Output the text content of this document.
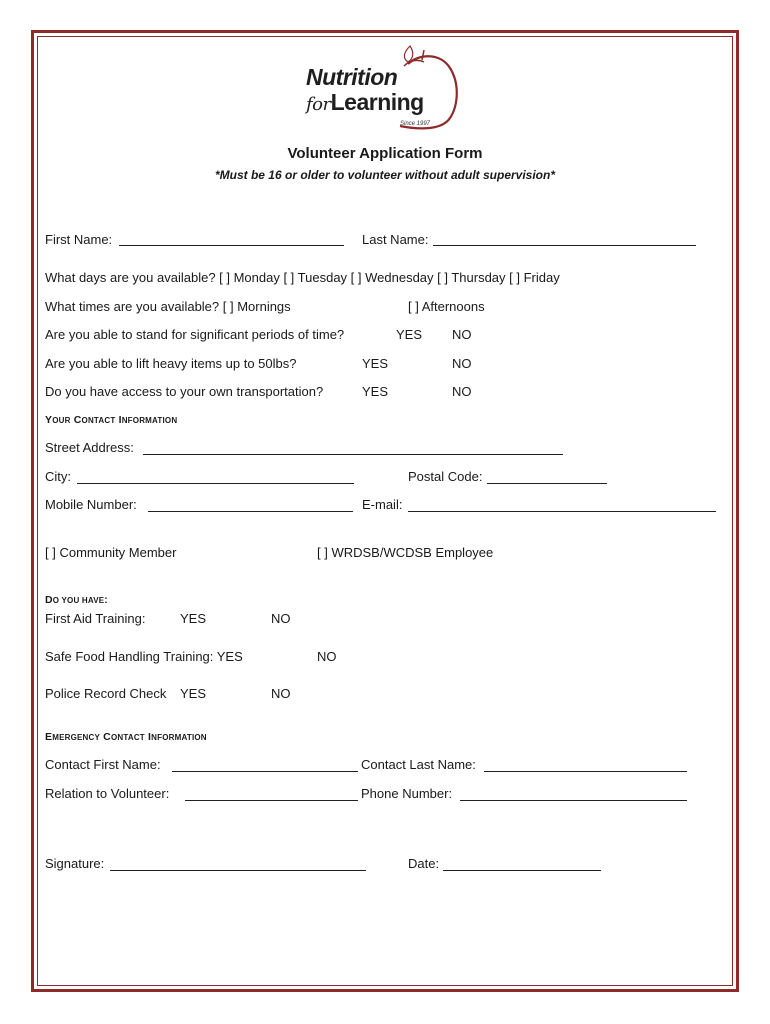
Nutrition
forLearning
Since 1997
Volunteer Application Form
*Must be 16 or older to volunteer without adult supervision*
First Name:	Last Name:
What days are you available? [ ] Monday [ ] Tuesday [ ] Wednesday [ ] Thursday [ ] Friday
What times are you available? [ ] Mornings	[ ] Afternoons
Are you able to stand for significant periods of time?	YES NO
Are you able to lift heavy items up to 50lbs?	YES	NO
Do you have access to your own transportation?	YES	NO
YOUR CONTACT INFORMATION
Street Address:
City:	Postal Code:
Mobile Number:	E-mail:
[ ] Community Member	[ ] WRDSB/WCDSB Employee
DO YOU HAVE:
First Aid Training:	YES	NO
Safe Food Handling Training: YES	NO
Police Record Check YES	NO
EMERGENCY CONTACT INFORMATION
Contact First Name:	Contact Last Name:
Relation to Volunteer:	Phone Number:
Signature:	Date:
